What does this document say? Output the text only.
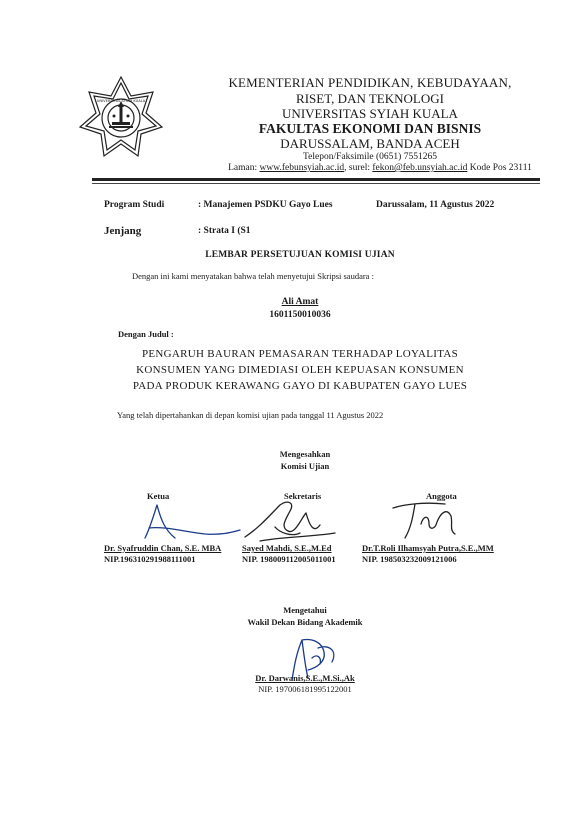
UNIVERSITAS SYIAH KUALA
KEMENTERIAN PENDIDIKAN, KEBUDAYAAN,
RISET, DAN TEKNOLOGI
UNIVERSITAS SYIAH KUALA
FAKULTAS EKONOMI DAN BISNIS
DARUSSALAM, BANDA ACEH
Telepon/Faksimile (0651) 7551265
Laman: www.febunsyiah.ac.id, surel: fekon@feb.unsyiah.ac.id Kode Pos 23111
Program Studi	: Manajemen PSDKU Gayo Lues	Darussalam, 11 Agustus 2022
Jenjang	: Strata I (S1
LEMBAR PERSETUJUAN KOMISI UJIAN
Dengan ini kami menyatakan bahwa telah menyetujui Skripsi saudara :
Ali Amat
1601150010036
Dengan Judul :
PENGARUH BAURAN PEMASARAN TERHADAP LOYALITAS
KONSUMEN YANG DIMEDIASI OLEH KEPUASAN KONSUMEN
PADA PRODUK KERAWANG GAYO DI KABUPATEN GAYO LUES
Yang telah dipertahankan di depan komisi ujian pada tanggal 11 Agustus 2022
Mengesahkan
Komisi Ujian
Ketua	Sekretaris	Anggota
Dr. Syafruddin Chan, S.E. MBA
NIP.196310291988111001
Sayed Mahdi, S.E.,M.Ed
NIP. 198009112005011001
Dr.T.Roli Ilhamsyah Putra,S.E.,MM
NIP. 198503232009121006
Mengetahui
Wakil Dekan Bidang Akademik
Dr. Darwanis,S.E.,M.Si.,Ak
NIP. 197006181995122001
